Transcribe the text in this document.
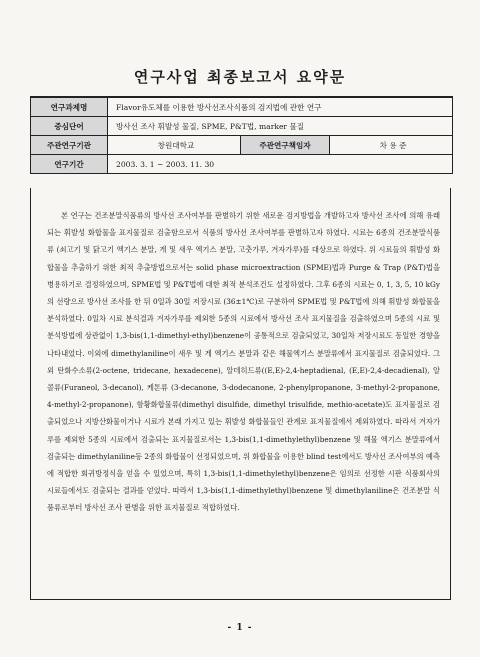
연구사업 최종보고서 요약문
연구과제명	Flavor유도체를 이용한 방사선조사식품의 검지법에 관한 연구		
중심단어	방사선 조사 휘발성 물질, SPME, P&T법, marker 물질		
주관연구기관	창원대학교	주관연구책임자	차 용 준
연구기간	2003. 3. 1 ~ 2003. 11. 30		

본 연구는 건조분말식품류의 방사선 조사여부를 판별하기 위한 새로운 검지방법을 개발하고자 방사선 조사에 의해 유래되는 휘발성 화합물을 표지물질로 검출함으로서 식품의 방사선 조사여부를 판별하고자 하였다. 시료는 6종의 건조분말식품류 (쇠고기 및 닭고기 엑기스 분말, 게 및 새우 엑기스 분말, 고춧가루, 겨자가루)를 대상으로 하였다. 위 시료들의 휘발성 화합물을 추출하기 위한 최적 추출방법으로서는 solid phase microextraction (SPME)법과 Purge & Trap (P&T)법을 병용하기로 결정하였으며, SPME법 및 P&T법에 대한 최적 분석조건도 설정하였다. 그후 6종의 시료는 0, 1, 3, 5, 10 kGy의 선량으로 방사선 조사를 한 뒤 0일과 30일 저장시료 (36±1℃)로 구분하여 SPME법 및 P&T법에 의해 휘발성 화합물을 분석하였다. 0일차 시료 분석결과 겨자가루를 제외한 5종의 시료에서 방사선 조사 표지물질을 검출하였으며 5종의 시료 및 분석방법에 상관없이 1,3-bis(1,1-dimethyl-ethyl)benzene이 공통적으로 검출되었고, 30일차 저장시료도 동일한 경향을 나타내었다. 이외에 dimethylaniline이 새우 및 게 엑기스 분말과 같은 해물엑기스 분말류에서 표지물질로 검출되었다. 그 외 탄화수소류(2-octene, tridecane, hexadecene), 알데히드류((E,E)-2,4-heptadienal, (E,E)-2,4-decadienal), 알콜류(Furaneol, 3-decanol), 케톤류 (3-decanone, 3-dodecanone, 2-phenylpropanone, 3-methyl-2-propanone, 4-methyl-2-propanone), 함황화합물류(dimethyl disulfide, dimethyl trisulfide, methio-acetate)도 표지물질로 검출되었으나 지방산화물이거나 시료가 본래 가지고 있는 휘발성 화합물들인 관계로 표지물질에서 제외하였다. 따라서 겨자가루를 제외한 5종의 시료에서 검출되는 표지물질로서는 1,3-bis(1,1-dimethylethyl)benzene 및 해물 엑기스 분말류에서 검출되는 dimethylaniline등 2종의 화합물이 선정되었으며, 위 화합물을 이용한 blind test에서도 방사선 조사여부의 예측에 적합한 회귀방정식을 얻을 수 있었으며, 특히 1,3-bis(1,1-dimethylethyl)benzene은 임의로 선정한 시판 식품회사의 시료들에서도 검출되는 결과를 얻었다. 따라서 1,3-bis(1,1-dimethylethyl)benzene 및 dimethylaniline은 건조분말 식품류로부터 방사선 조사 판별을 위한 표지물질로 적합하였다.

- 1 -
